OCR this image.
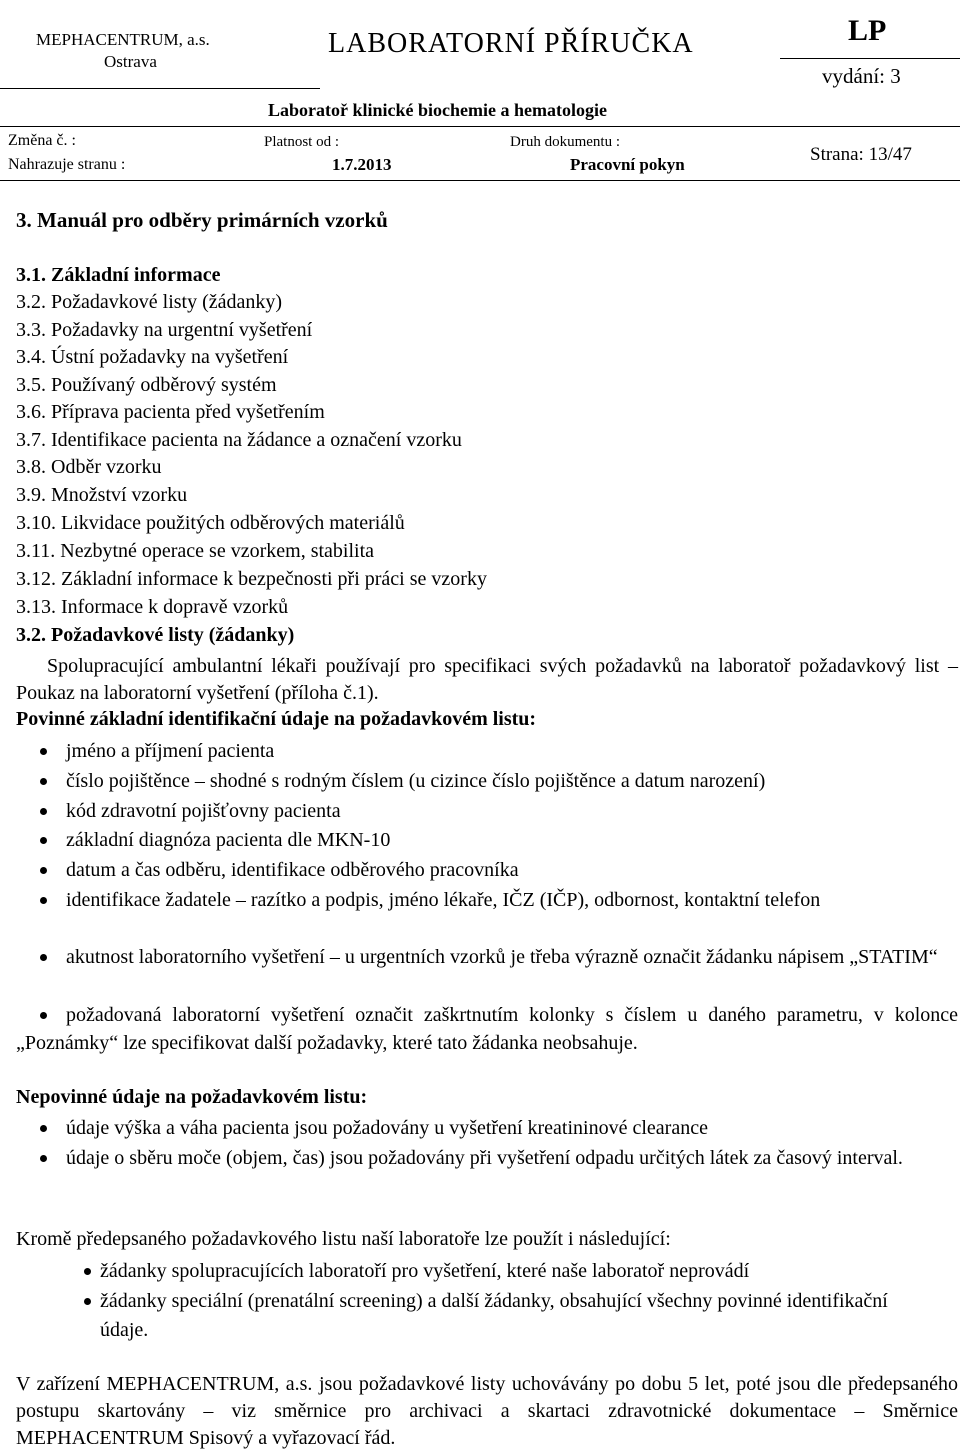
MEPHACENTRUM, a.s.
Ostrava
LABORATORNÍ PŘÍRUČKA	LP
vydání: 3
Laboratoř klinické biochemie a hematologie
Změna č. :
Nahrazuje stranu :
Platnost od :
1.7.2013
Druh dokumentu :
Pracovní pokyn	Strana: 13/47
3. Manuál pro odběry primárních vzorků
3.1. Základní informace
3.2. Požadavkové listy (žádanky)
3.3. Požadavky na urgentní vyšetření
3.4. Ústní požadavky na vyšetření
3.5. Používaný odběrový systém
3.6. Příprava pacienta před vyšetřením
3.7. Identifikace pacienta na žádance a označení vzorku
3.8. Odběr vzorku
3.9. Množství vzorku
3.10. Likvidace použitých odběrových materiálů
3.11. Nezbytné operace se vzorkem, stabilita
3.12. Základní informace k bezpečnosti při práci se vzorky
3.13. Informace k dopravě vzorků
3.2. Požadavkové listy (žádanky)
Spolupracující ambulantní lékaři používají pro specifikaci svých požadavků na laboratoř požadavkový list – Poukaz na laboratorní vyšetření (příloha č.1).
Povinné základní identifikační údaje na požadavkovém listu:
jméno a příjmení pacienta
číslo pojištěnce – shodné s rodným číslem (u cizince číslo pojištěnce a datum narození)
kód zdravotní pojišťovny pacienta
základní diagnóza pacienta dle MKN-10
datum a čas odběru, identifikace odběrového pracovníka
identifikace žadatele – razítko a podpis, jméno lékaře, IČZ (IČP), odbornost, kontaktní telefon
akutnost laboratorního vyšetření – u urgentních vzorků je třeba výrazně označit žádanku nápisem „STATIM“
požadovaná laboratorní vyšetření označit zaškrtnutím kolonky s číslem u daného parametru, v kolonce „Poznámky“ lze specifikovat další požadavky, které tato žádanka neobsahuje.
Nepovinné údaje na požadavkovém listu:
údaje výška a váha pacienta jsou požadovány u vyšetření kreatininové clearance
údaje o sběru moče (objem, čas) jsou požadovány při vyšetření odpadu určitých látek za časový interval.
Kromě předepsaného požadavkového listu naší laboratoře lze použít i následující:
žádanky spolupracujících laboratoří pro vyšetření, které naše laboratoř neprovádí
žádanky speciální (prenatální screening) a další žádanky, obsahující všechny povinné identifikační údaje.
V zařízení MEPHACENTRUM, a.s. jsou požadavkové listy uchovávány po dobu 5 let, poté jsou dle předepsaného postupu skartovány – viz směrnice pro archivaci a skartaci zdravotnické dokumentace – Směrnice MEPHACENTRUM Spisový a vyřazovací řád.
